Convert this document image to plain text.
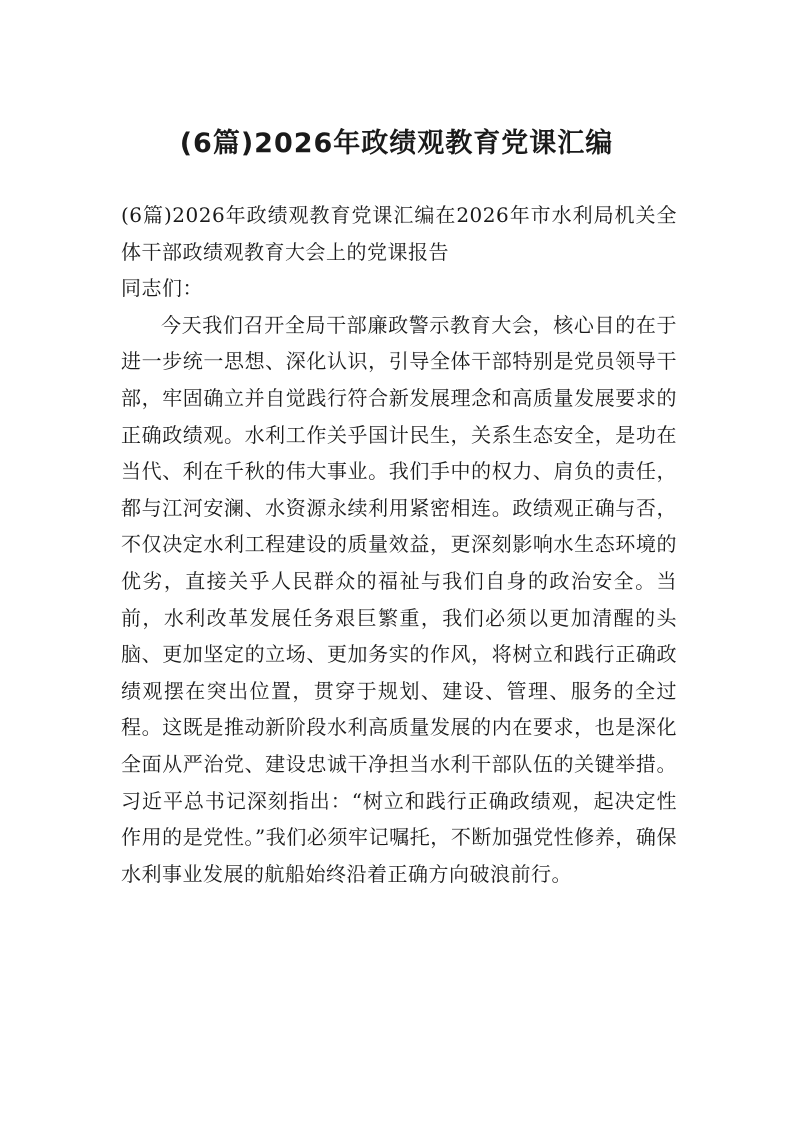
(6篇)2026年政绩观教育党课汇编

(6篇)2026年政绩观教育党课汇编在2026年市水利局机关全体干部政绩观教育大会上的党课报告

同志们：

今天我们召开全局干部廉政警示教育大会，核心目的在于进一步统一思想、深化认识，引导全体干部特别是党员领导干部，牢固确立并自觉践行符合新发展理念和高质量发展要求的正确政绩观。水利工作关乎国计民生，关系生态安全，是功在当代、利在千秋的伟大事业。我们手中的权力、肩负的责任，都与江河安澜、水资源永续利用紧密相连。政绩观正确与否，不仅决定水利工程建设的质量效益，更深刻影响水生态环境的优劣，直接关乎人民群众的福祉与我们自身的政治安全。当前，水利改革发展任务艰巨繁重，我们必须以更加清醒的头脑、更加坚定的立场、更加务实的作风，将树立和践行正确政绩观摆在突出位置，贯穿于规划、建设、管理、服务的全过程。这既是推动新阶段水利高质量发展的内在要求，也是深化全面从严治党、建设忠诚干净担当水利干部队伍的关键举措。习近平总书记深刻指出：“树立和践行正确政绩观，起决定性作用的是党性。”我们必须牢记嘱托，不断加强党性修养，确保水利事业发展的航船始终沿着正确方向破浪前行。
